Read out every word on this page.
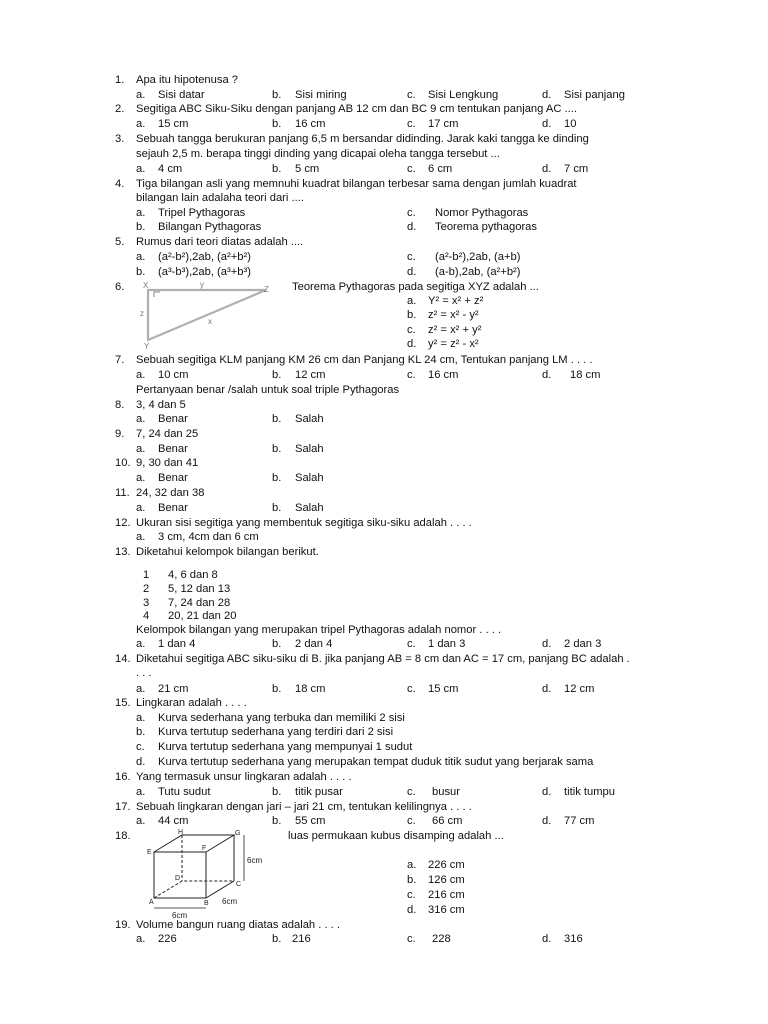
1. Apa itu hipotenusa ?
a. Sisi datar	b. Sisi miring	c. Sisi Lengkung	d. Sisi panjang
2. Segitiga ABC Siku-Siku dengan panjang AB 12 cm dan BC 9 cm tentukan panjang AC ....
a. 15 cm	b. 16 cm	c. 17 cm	d. 10
3. Sebuah tangga berukuran panjang 6,5 m bersandar didinding. Jarak kaki tangga ke dinding
sejauh 2,5 m. berapa tinggi dinding yang dicapai oleha tangga tersebut ...
a. 4 cm	b. 5 cm	c. 6 cm	d. 7 cm
4. Tiga bilangan asli yang memnuhi kuadrat bilangan terbesar sama dengan jumlah kuadrat
bilangan lain adalaha teori dari ....
a. Tripel Pythagoras
b. Bilangan Pythagoras
c. Nomor Pythagoras
d. Teorema pythagoras
5. Rumus dari teori diatas adalah ....
a. (a²-b²),2ab, (a²+b²)
b. (a³-b³),2ab, (a³+b³)
c. (a²-b²),2ab, (a+b)
d. (a-b),2ab, (a²+b²)
6. X	y
Z
z
x
Y
Teorema Pythagoras pada segitiga XYZ adalah ...
a. Y² = x² + z²
b. z² = x² - y²
c. z² = x² + y²
d. y² = z² - x²
7. Sebuah segitiga KLM panjang KM 26 cm dan Panjang KL 24 cm, Tentukan panjang LM . . . .
a. 10 cm	b. 12 cm	c. 16 cm	d. 18 cm
Pertanyaan benar /salah untuk soal triple Pythagoras
8. 3, 4 dan 5
a. Benar	b. Salah
9. 7, 24 dan 25
a. Benar	b. Salah
10. 9, 30 dan 41
a. Benar	b. Salah
11. 24, 32 dan 38
a. Benar	b. Salah
12. Ukuran sisi segitiga yang membentuk segitiga siku-siku adalah . . . .
a. 3 cm, 4cm dan 6 cm
13. Diketahui kelompok bilangan berikut.
1 4, 6 dan 8
2 5, 12 dan 13
3 7, 24 dan 28
4 20, 21 dan 20
Kelompok bilangan yang merupakan tripel Pythagoras adalah nomor . . . .
a. 1 dan 4	b. 2 dan 4	c. 1 dan 3	d. 2 dan 3
14. Diketahui segitiga ABC siku-siku di B. jika panjang AB = 8 cm dan AC = 17 cm, panjang BC adalah .
. . .
a. 21 cm	b. 18 cm	c. 15 cm	d. 12 cm
15. Lingkaran adalah . . . .
a. Kurva sederhana yang terbuka dan memiliki 2 sisi
b. Kurva tertutup sederhana yang terdiri dari 2 sisi
c. Kurva tertutup sederhana yang mempunyai 1 sudut
d. Kurva tertutup sederhana yang merupakan tempat duduk titik sudut yang berjarak sama
16. Yang termasuk unsur lingkaran adalah . . . .
a. Tutu sudut	b. titik pusar	c. busur	d. titik tumpu
17. Sebuah lingkaran dengan jari – jari 21 cm, tentukan kelilingnya . . . .
a. 44 cm	b. 55 cm	c. 66 cm	d. 77 cm
18.	H	G
E
F
D
C
A	B
6cm
6cm
6cm
luas permukaan kubus disamping adalah ...
a. 226 cm
b. 126 cm
c. 216 cm
d. 316 cm
19. Volume bangun ruang diatas adalah . . . .
a. 226	b. 216	c. 228	d. 316
